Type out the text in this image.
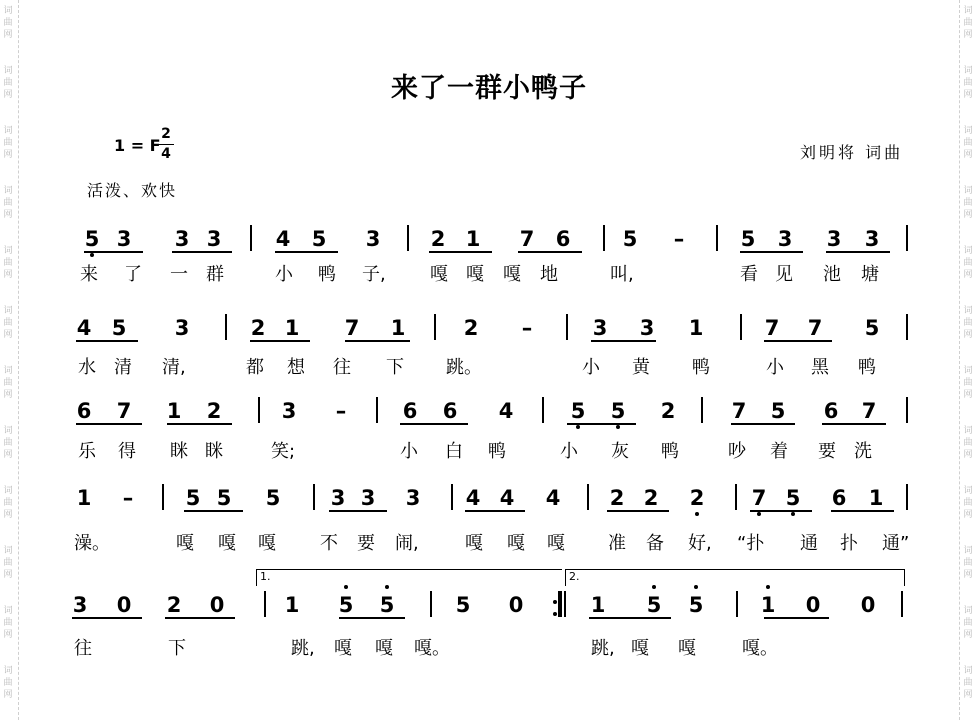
词
曲
网
词
曲
网
词
曲
网
词
曲
网
词
曲
网
词
曲
网
词
曲
网
词
曲
网
词
曲
网
词
曲
网
词
曲
网
词
曲
网
词
曲
网
词
曲
网
词
曲
网
词
曲
网
词
曲
网
词
曲
网
词
曲
网
词
曲
网
词
曲
网
词
曲
网
词
曲
网
词
曲
网
来了一群小鸭子
1 = F
2
4	刘明将 词曲
活泼、欢快
5 3 3 3	4 5 3 2 1 7 6 5 –	5 3 3 3
4 5 3	2 1 7 1	2 –	3 3 1	7 7 5
6 7 1 2	3 –	6 6 4	5 5 2	7 5 6 7
1 – 5 5 5 3 3 3 4 4 4 2 2 2 7 5 6 1
3 0 2 0	1 5 5	5 0	1 5 5	1 0 0
1.	2.
来 了 一 群	小 鸭 子, 嘎 嘎 嘎 地	叫,	看 见 池 塘
水 清 清,	都 想 往 下 跳。	小 黄 鸭	小 黑 鸭
乐 得 眯 眯	笑;	小 白 鸭	小 灰 鸭	吵 着 要 洗
澡。	嘎 嘎 嘎 不 要 闹,	嘎 嘎 嘎 准 备 好, “扑 通 扑 通”
往	下	跳, 嘎 嘎 嘎。	跳, 嘎 嘎	嘎。
